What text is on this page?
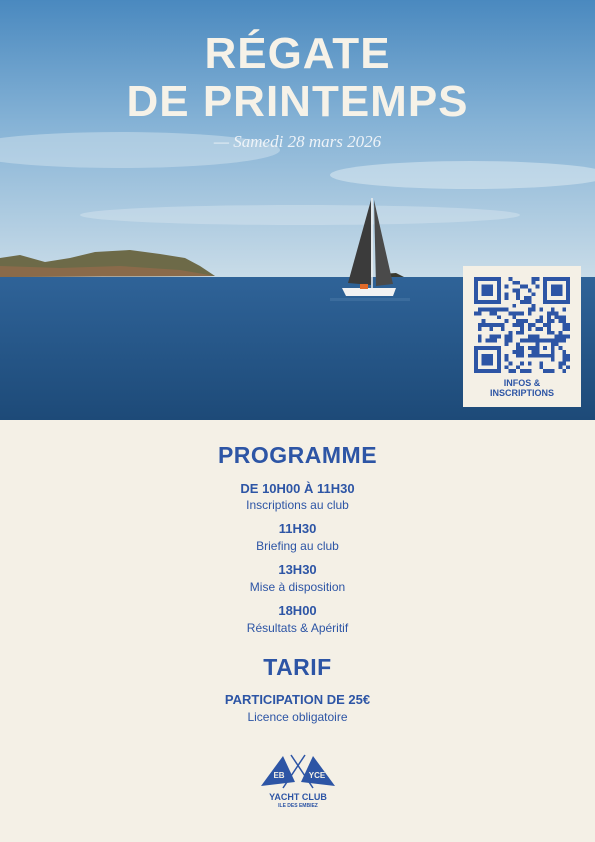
RÉGATE
DE PRINTEMPS
— Samedi 28 mars 2026
INFOS &
INSCRIPTIONS
PROGRAMME
DE 10H00 À 11H30
Inscriptions au club
11H30
Briefing au club
13H30
Mise à disposition
18H00
Résultats & Apéritif
TARIF
PARTICIPATION DE 25€
Licence obligatoire
EB	YCE
YACHT CLUB
ILE DES EMBIEZ
